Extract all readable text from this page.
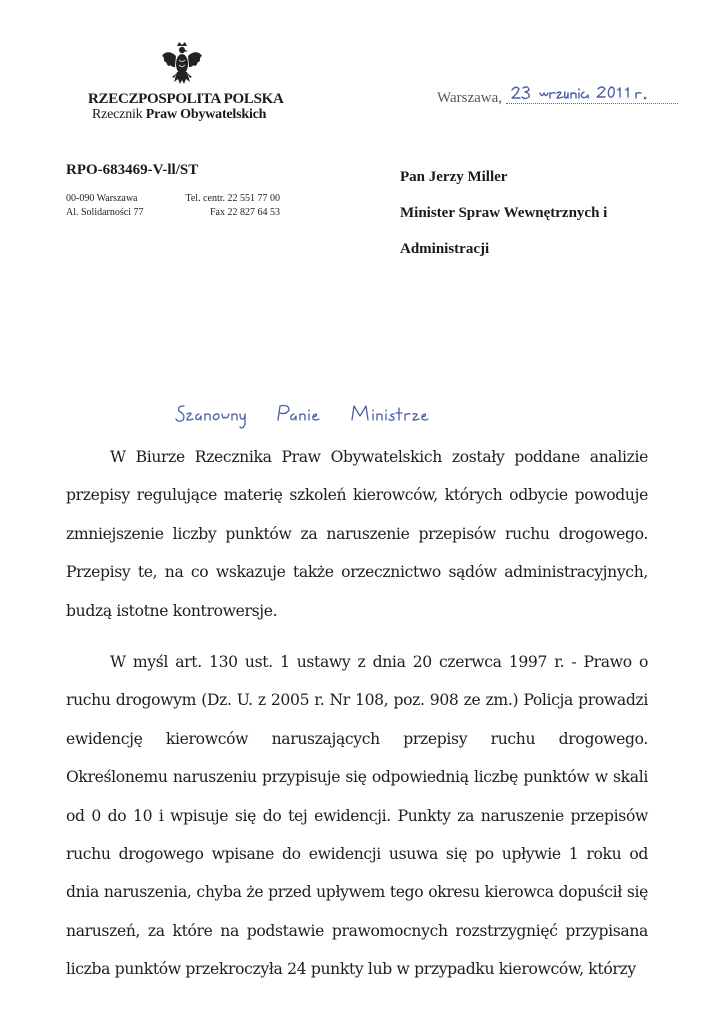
RZECZPOSPOLITA POLSKA
Rzecznik Praw Obywatelskich
Warszawa,
RPO-683469-V-ll/ST
00-090 Warszawa
Al. Solidarności 77
Tel. centr. 22 551 77 00
Fax 22 827 64 53
Pan Jerzy Miller
Minister Spraw Wewnętrznych i
Administracji

W Biurze Rzecznika Praw Obywatelskich zostały poddane analizie przepisy regulujące materię szkoleń kierowców, których odbycie powoduje zmniejszenie liczby punktów za naruszenie przepisów ruchu drogowego. Przepisy te, na co wskazuje także orzecznictwo sądów administracyjnych, budzą istotne kontrowersje.

W myśl art. 130 ust. 1 ustawy z dnia 20 czerwca 1997 r. - Prawo o ruchu drogowym (Dz. U. z 2005 r. Nr 108, poz. 908 ze zm.) Policja prowadzi ewidencję kierowców naruszających przepisy ruchu drogowego. Określonemu naruszeniu przypisuje się odpowiednią liczbę punktów w skali od 0 do 10 i wpisuje się do tej ewidencji. Punkty za naruszenie przepisów ruchu drogowego wpisane do ewidencji usuwa się po upływie 1 roku od dnia naruszenia, chyba że przed upływem tego okresu kierowca dopuścił się naruszeń, za które na podstawie prawomocnych rozstrzygnięć przypisana liczba punktów przekroczyła 24 punkty lub w przypadku kierowców, którzy
